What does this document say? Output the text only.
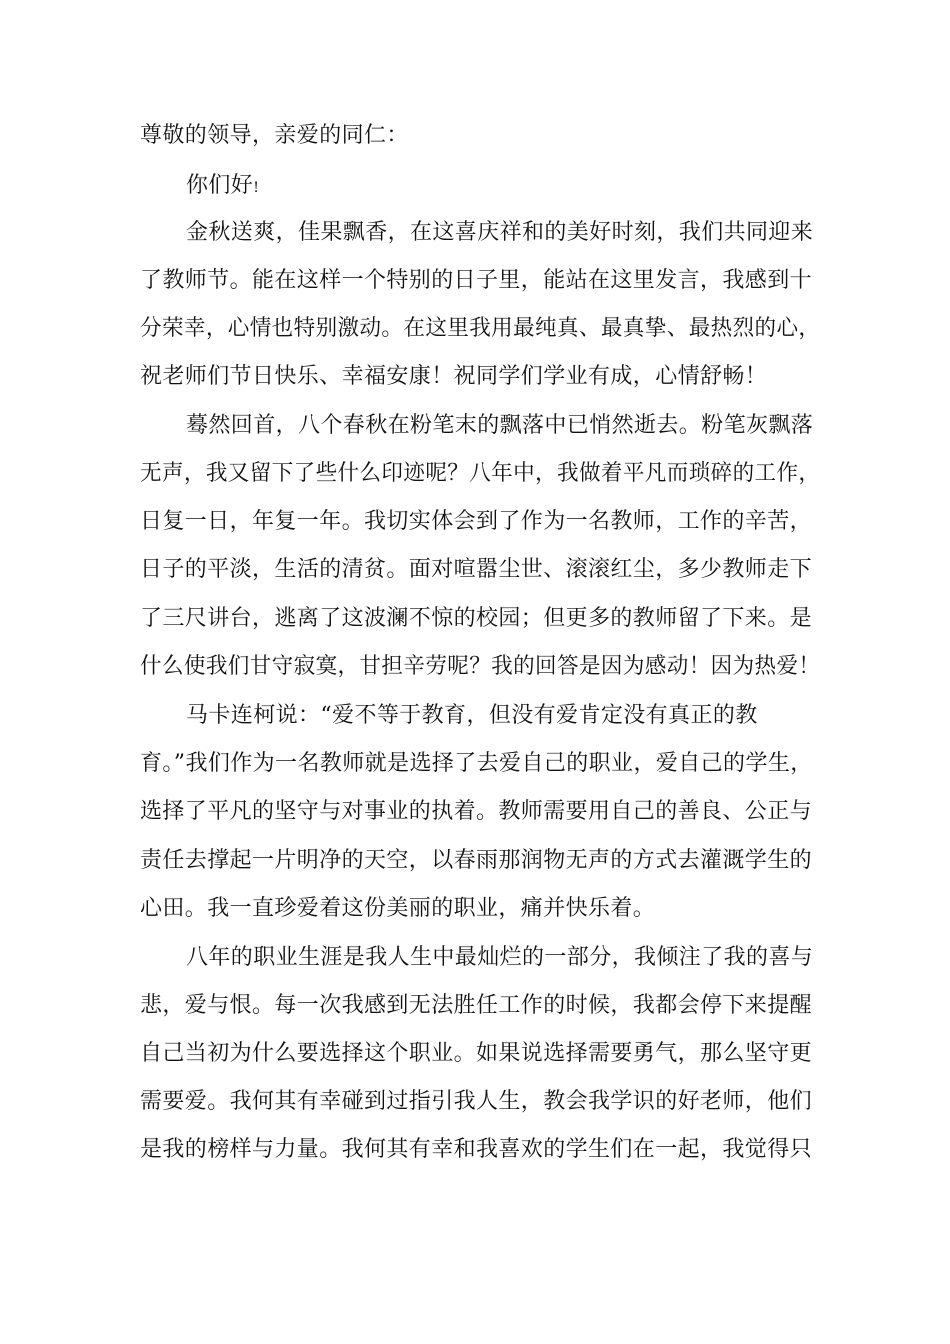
尊敬的领导，亲爱的同仁：

你们好!

金秋送爽，佳果飘香，在这喜庆祥和的美好时刻，我们共同迎来

了教师节。能在这样一个特别的日子里，能站在这里发言，我感到十

分荣幸，心情也特别激动。在这里我用最纯真、最真挚、最热烈的心，

祝老师们节日快乐、幸福安康！祝同学们学业有成，心情舒畅！

蓦然回首，八个春秋在粉笔末的飘落中已悄然逝去。粉笔灰飘落

无声，我又留下了些什么印迹呢？八年中，我做着平凡而琐碎的工作，

日复一日，年复一年。我切实体会到了作为一名教师，工作的辛苦，

日子的平淡，生活的清贫。面对喧嚣尘世、滚滚红尘，多少教师走下

了三尺讲台，逃离了这波澜不惊的校园；但更多的教师留了下来。是

什么使我们甘守寂寞，甘担辛劳呢？我的回答是因为感动！因为热爱！

马卡连柯说：“爱不等于教育，但没有爱肯定没有真正的教

育。”我们作为一名教师就是选择了去爱自己的职业，爱自己的学生，

选择了平凡的坚守与对事业的执着。教师需要用自己的善良、公正与

责任去撑起一片明净的天空，以春雨那润物无声的方式去灌溉学生的

心田。我一直珍爱着这份美丽的职业，痛并快乐着。

八年的职业生涯是我人生中最灿烂的一部分，我倾注了我的喜与

悲，爱与恨。每一次我感到无法胜任工作的时候，我都会停下来提醒

自己当初为什么要选择这个职业。如果说选择需要勇气，那么坚守更

需要爱。我何其有幸碰到过指引我人生，教会我学识的好老师，他们

是我的榜样与力量。我何其有幸和我喜欢的学生们在一起，我觉得只
